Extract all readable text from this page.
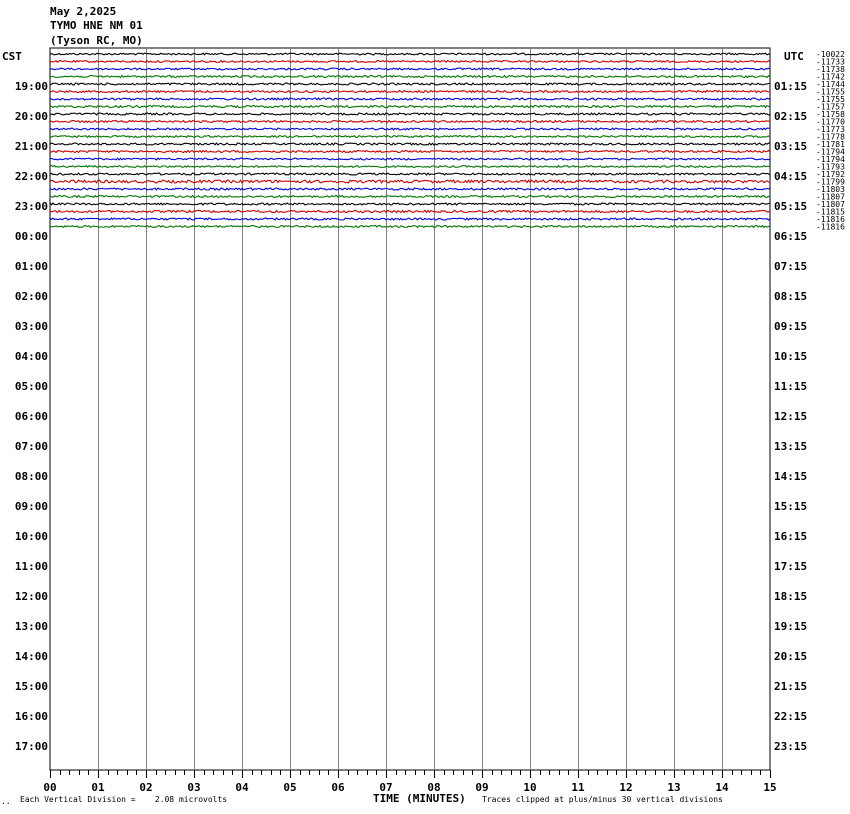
May 2,2025
TYMO HNE NM 01
(Tyson RC, MO)
CST	UTC
00	01	02	03	04	05	06	07	08	09	10	11	12	13	14	15
-10022
-11733
-11738
-11742
-11744
-11755
-11755
-11757
-11758
-11770
-11773
-11778
-11781
-11794
-11794
-11793
-11792
-11799
-11803
-11807
-11807
-11815
-11816
-11816
19:00
20:00
21:00
22:00
23:00
00:00
01:00
02:00
03:00
04:00
05:00
06:00
07:00
08:00
09:00
10:00
11:00
12:00
13:00
14:00
15:00
16:00
17:00
01:15
02:15
03:15
04:15
05:15
06:15
07:15
08:15
09:15
10:15
11:15
12:15
13:15
14:15
15:15
16:15
17:15
18:15
19:15
20:15
21:15
22:15
23:15
.. Each Vertical Division =    2.08 microvolts	TIME (MINUTES) Traces clipped at plus/minus 30 vertical divisions
